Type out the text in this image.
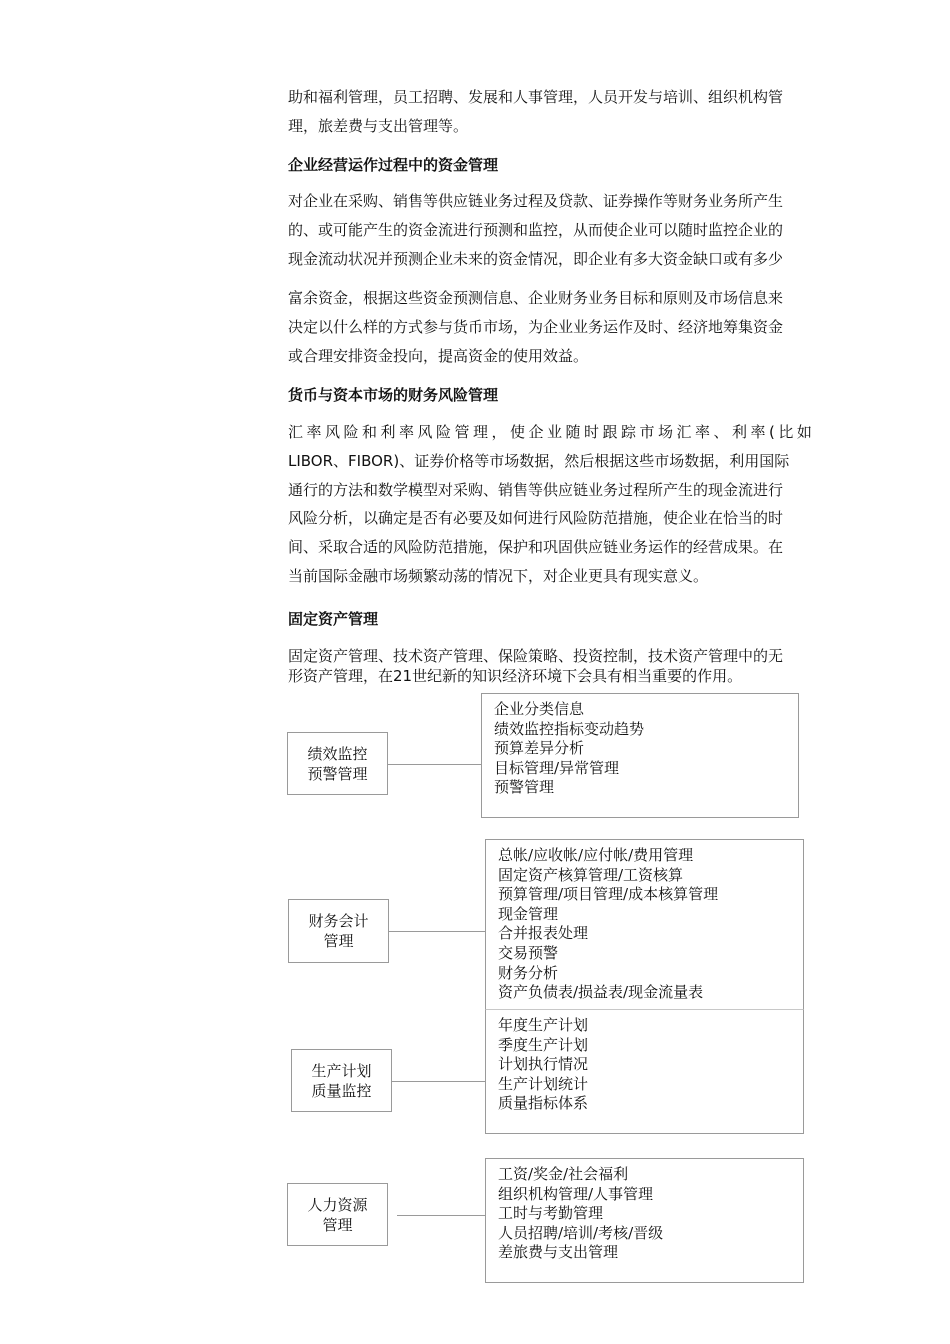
助和福利管理，员工招聘、发展和人事管理，人员开发与培训、组织机构管
理，旅差费与支出管理等。
企业经营运作过程中的资金管理
对企业在采购、销售等供应链业务过程及贷款、证券操作等财务业务所产生
的、或可能产生的资金流进行预测和监控，从而使企业可以随时监控企业的
现金流动状况并预测企业未来的资金情况，即企业有多大资金缺口或有多少
富余资金，根据这些资金预测信息、企业财务业务目标和原则及市场信息来
决定以什么样的方式参与货币市场，为企业业务运作及时、经济地筹集资金
或合理安排资金投向，提高资金的使用效益。
货币与资本市场的财务风险管理
汇率风险和利率风险管理，使企业随时跟踪市场汇率、利率(比如
LIBOR、FIBOR)、证券价格等市场数据，然后根据这些市场数据，利用国际
通行的方法和数学模型对采购、销售等供应链业务过程所产生的现金流进行
风险分析，以确定是否有必要及如何进行风险防范措施，使企业在恰当的时
间、采取合适的风险防范措施，保护和巩固供应链业务运作的经营成果。在
当前国际金融市场频繁动荡的情况下，对企业更具有现实意义。
固定资产管理
固定资产管理、技术资产管理、保险策略、投资控制，技术资产管理中的无
形资产管理，在21世纪新的知识经济环境下会具有相当重要的作用。
绩效监控
预警管理
企业分类信息
绩效监控指标变动趋势
预算差异分析
目标管理/异常管理
预警管理
财务会计
管理
总帐/应收帐/应付帐/费用管理
固定资产核算管理/工资核算
预算管理/项目管理/成本核算管理
现金管理
合并报表处理
交易预警
财务分析
资产负债表/损益表/现金流量表
生产计划
质量监控
年度生产计划
季度生产计划
计划执行情况
生产计划统计
质量指标体系
人力资源
管理
工资/奖金/社会福利
组织机构管理/人事管理
工时与考勤管理
人员招聘/培训/考核/晋级
差旅费与支出管理
